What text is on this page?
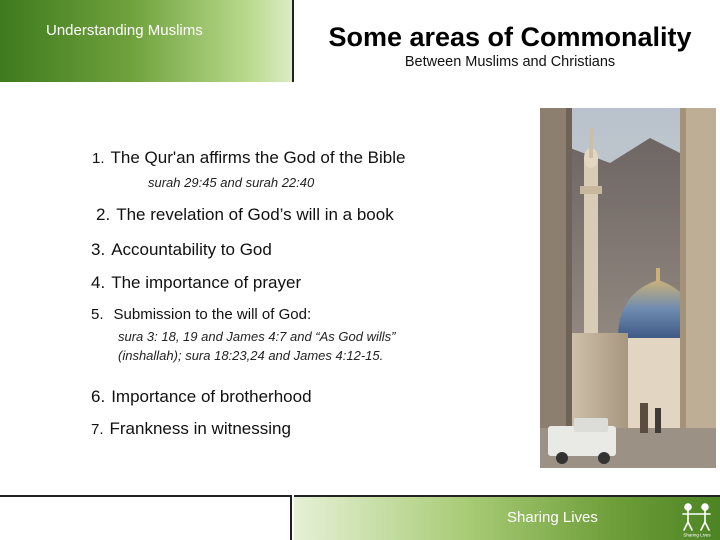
Understanding Muslims	Some areas of Commonality
Between Muslims and Christians
1. The Qur'an affirms the God of the Bible
surah 29:45 and surah 22:40
2. The revelation of God’s will in a book
3. Accountability to God
4. The importance of prayer
5. Submission to the will of God:
sura 3: 18, 19 and James 4:7 and “As God wills”
(inshallah); sura 18:23,24 and James 4:12-15.
6. Importance of brotherhood
7. Frankness in witnessing
Sharing Lives
Sharing Lives
